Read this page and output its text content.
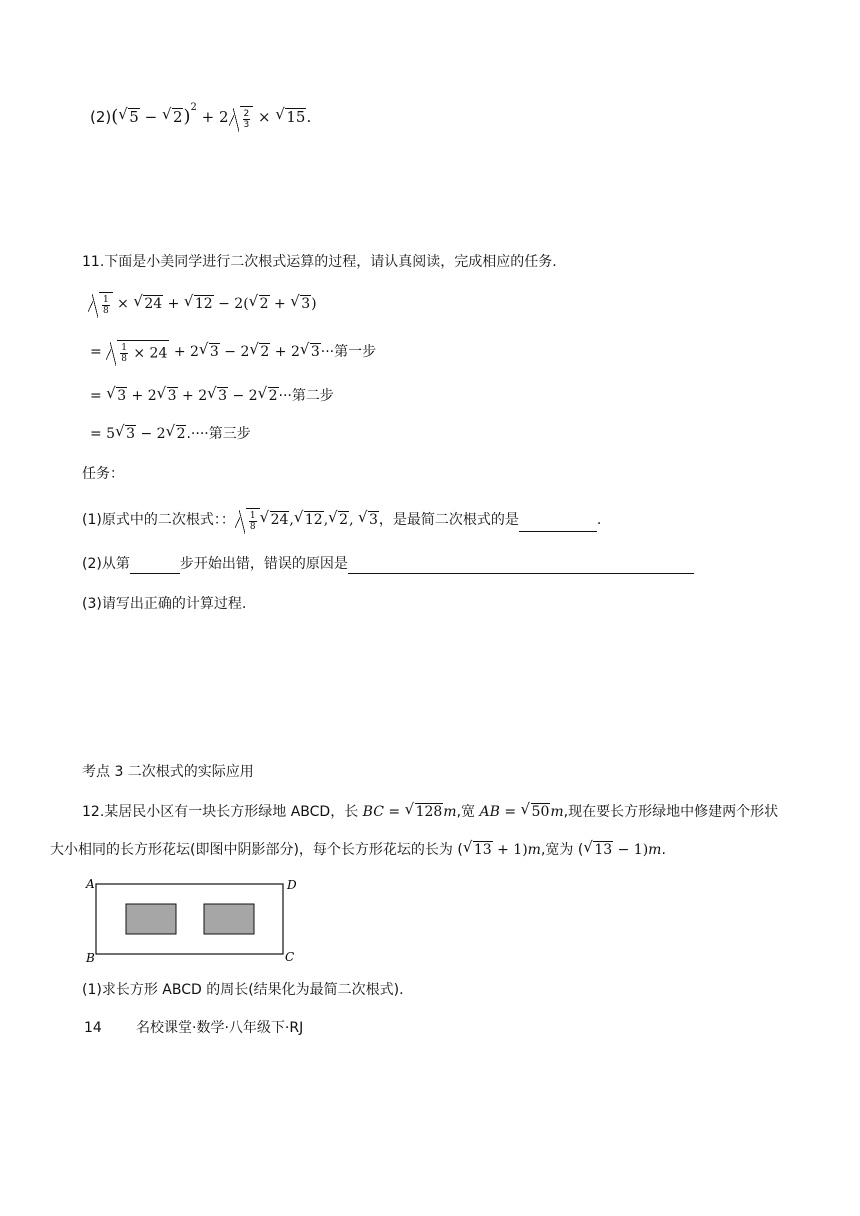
(2)(√ 5 − √ $2)^2 + 2 \frac{2}{3}$ × √ 15.
11.下面是小美同学进行二次根式运算的过程，请认真阅读，完成相应的任务.
$\frac{1}{8}$ × √ 24 + √ 12 − 2(√ 2 + √ 3)
= $\frac{1}{8} \times 24 + 2√$ 3 − 2√ 2 + 2√ 3···第一步
= √ 3 + 2√ 3 + 2√ 3 − 2√ 2···第二步
= 5√ 3 − 2√ 2.····第三步
任务：
(1)原式中的二次根式：： $\frac{1}{8}$
√ 24,√ 12,√ 2, √ 3，是最简二次根式的是	.
(2)从第	步开始出错，错误的原因是
(3)请写出正确的计算过程.
考点 3 二次根式的实际应用
12.某居民小区有一块长方形绿地 ABCD，长 BC = √ 128m,宽 AB = √ 50m,现在要长方形绿地中修建两个形状
大小相同的长方形花坛(即图中阴影部分)，每个长方形花坛的长为 (√ 13 + 1)m,宽为 (√ 13 − 1)m.
A	D
B	C
(1)求长方形 ABCD 的周长(结果化为最简二次根式).
14 名校课堂·数学·八年级下·RJ
